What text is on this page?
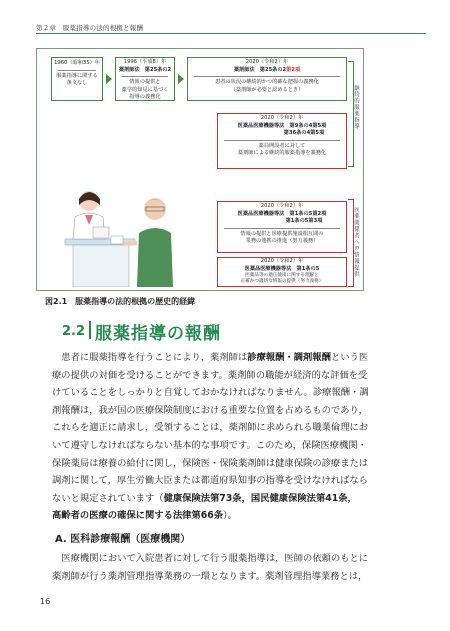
第２章　服薬指導の法的根拠と報酬
1960（昭和35）年
服薬指導に関する
条文なし
1996（平成8）年
薬剤師法　第25条の2
情報の提供と
薬学的知見に基づく
指導の義務化
2020（令和2）年
薬剤師法　第25条の2第2項
患者の状況の継続的かつ的確な把握の義務化
（薬剤師が必要と認めるとき）
2020（令和2）年
医薬品医療機器等法　第9条の4第5項
第36条の4第5項
薬局開設者に対して
薬剤師による継続的服薬指導を義務化
2020（令和2）年
医薬品医療機器等法　第1条の5第2項
第1条の5第3項
情報の提供と医療提供施設相互間の
業務の連携の推進（努力義務）
2020（令和2）年
医薬品医療機器等法　第1条の5
医薬品等の適正使用に関する理解と
正確かつ適切な情報の提供（努力義務）
継続的服薬指導
医薬関係者への情報提供
図2.1　服薬指導の法的根拠の歴史的経緯
2.2 服薬指導の報酬
　患者に服薬指導を行うことにより，薬剤師は診療報酬・調剤報酬という医
療の提供の対価を受けることができます。薬剤師の職能が経済的な評価を受
けていることをしっかりと自覚しておかなければなりません。診療報酬・調
剤報酬は，我が国の医療保険制度における重要な位置を占めるものであり，
これらを適正に請求し，受領することは，薬剤師に求められる職業倫理にお
いて遵守しなければならない基本的な事項です。このため，保険医療機関・
保険薬局は療養の給付に関し，保険医・保険薬剤師は健康保険の診療または
調剤に関して，厚生労働大臣または都道府県知事の指導を受けなければなら
ないと規定されています（健康保険法第73条，国民健康保険法第41条，
高齢者の医療の確保に関する法律第66条）。
A. 医科診療報酬（医療機関）
　医療機関において入院患者に対して行う服薬指導は，医師の依頼のもとに
薬剤師が行う薬剤管理指導業務の一環となります。薬剤管理指導業務とは，
16
